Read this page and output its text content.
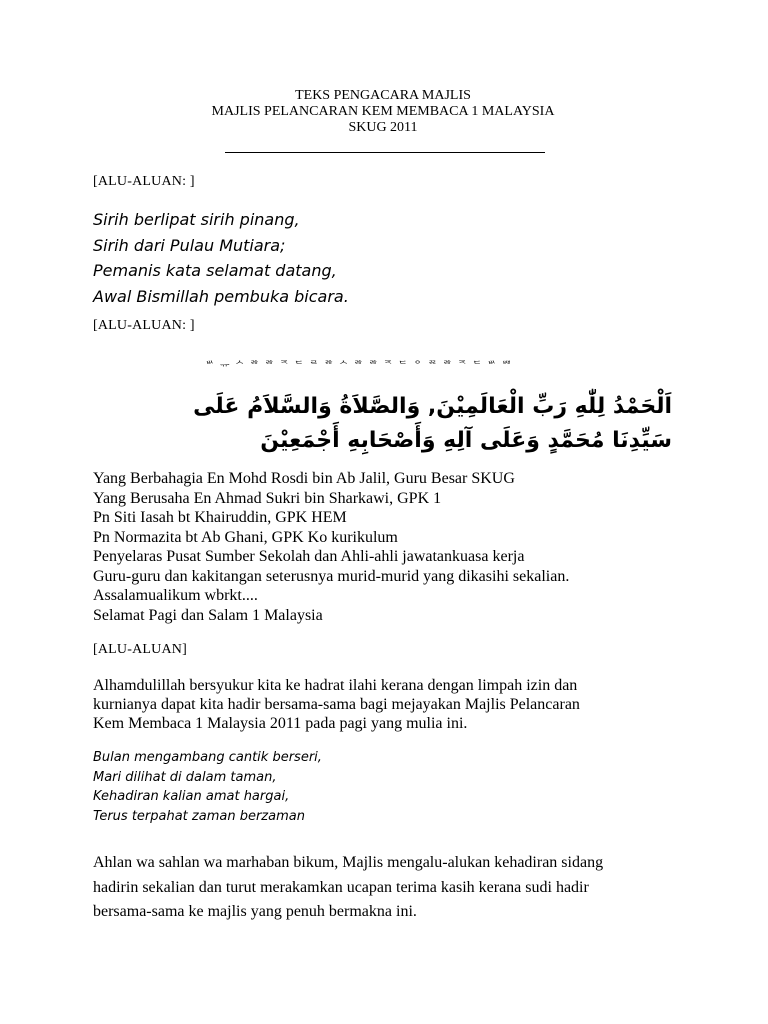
TEKS PENGACARA MAJLIS
MAJLIS PELANCARAN KEM MEMBACA 1 MALAYSIA
SKUG 2011
[ALU-ALUAN: ]
Sirih berlipat sirih pinang,
Sirih dari Pulau Mutiara;
Pemanis kata selamat datang,
Awal Bismillah pembuka bicara.
[ALU-ALUAN: ]
ᄡ ᅲ ᄉ ᄚ ᄚ ᅐ ᄃ ᄅ ᄚ ᄉ ᄚ ᄚ ᅐ ᄃ ᄋ ᄙ ᄚ ᅐ ᄃ ᄡ ᄤ
اَلْحَمْدُ لِلّٰهِ رَبِّ الْعَالَمِيْنَ, وَالصَّلاَةُ وَالسَّلاَمُ عَلَى
سَيِّدِنَا مُحَمَّدٍ وَعَلَى آلِهِ وَأَصْحَابِهِ أَجْمَعِيْنَ
Yang Berbahagia En Mohd Rosdi bin Ab Jalil, Guru Besar SKUG
Yang Berusaha En Ahmad Sukri bin Sharkawi, GPK 1
Pn Siti Iasah bt Khairuddin, GPK HEM
Pn Normazita bt Ab Ghani, GPK Ko kurikulum
Penyelaras Pusat Sumber Sekolah dan Ahli-ahli jawatankuasa kerja
Guru-guru dan kakitangan seterusnya murid-murid yang dikasihi sekalian.
Assalamualikum wbrkt....
Selamat Pagi dan Salam 1 Malaysia
[ALU-ALUAN]
Alhamdulillah bersyukur kita ke hadrat ilahi kerana dengan limpah izin dan
kurnianya dapat kita hadir bersama-sama bagi mejayakan Majlis Pelancaran
Kem Membaca 1 Malaysia 2011 pada pagi yang mulia ini.
Bulan mengambang cantik berseri,
Mari dilihat di dalam taman,
Kehadiran kalian amat hargai,
Terus terpahat zaman berzaman
Ahlan wa sahlan wa marhaban bikum, Majlis mengalu-alukan kehadiran sidang
hadirin sekalian dan turut merakamkan ucapan terima kasih kerana sudi hadir
bersama-sama ke majlis yang penuh bermakna ini.
